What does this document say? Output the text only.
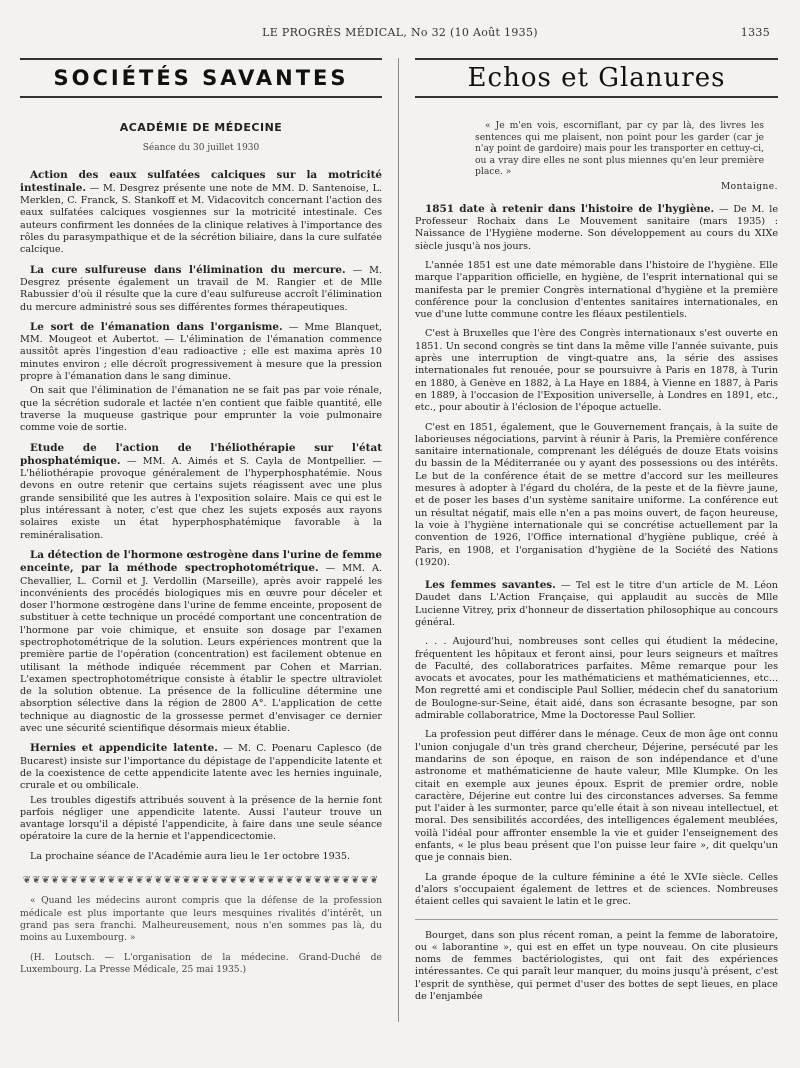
LE PROGRÈS MÉDICAL, No 32 (10 Août 1935)	1335
SOCIÉTÉS SAVANTES
ACADÉMIE DE MÉDECINE
Séance du 30 juillet 1930

Action des eaux sulfatées calciques sur la motricité intestinale. — M. Desgrez présente une note de MM. D. Santenoise, L. Merklen, C. Franck, S. Stankoff et M. Vidacovitch concernant l'action des eaux sulfatées calciques vosgiennes sur la motricité intestinale. Ces auteurs confirment les données de la clinique relatives à l'importance des rôles du parasympathique et de la sécrétion biliaire, dans la cure sulfatée calcique.

La cure sulfureuse dans l'élimination du mercure. — M. Desgrez présente également un travail de M. Rangier et de Mlle Rabussier d'où il résulte que la cure d'eau sulfureuse accroît l'élimination du mercure administré sous ses différentes formes thérapeutiques.

Le sort de l'émanation dans l'organisme. — Mme Blanquet, MM. Mougeot et Aubertot. — L'élimination de l'émanation commence aussitôt après l'ingestion d'eau radioactive ; elle est maxima après 10 minutes environ ; elle décroît progressivement à mesure que la pression propre à l'émanation dans le sang diminue.

On sait que l'élimination de l'émanation ne se fait pas par voie rénale, que la sécrétion sudorale et lactée n'en contient que faible quantité, elle traverse la muqueuse gastrique pour emprunter la voie pulmonaire comme voie de sortie.

Etude de l'action de l'héliothérapie sur l'état phosphatémique. — MM. A. Aimés et S. Cayla de Montpellier. — L'héliothérapie provoque généralement de l'hyperphosphatémie. Nous devons en outre retenir que certains sujets réagissent avec une plus grande sensibilité que les autres à l'exposition solaire. Mais ce qui est le plus intéressant à noter, c'est que chez les sujets exposés aux rayons solaires existe un état hyperphosphatémique favorable à la reminéralisation.

La détection de l'hormone œstrogène dans l'urine de femme enceinte, par la méthode spectrophotométrique. — MM. A. Chevallier, L. Cornil et J. Verdollin (Marseille), après avoir rappelé les inconvénients des procédés biologiques mis en œuvre pour déceler et doser l'hormone œstrogène dans l'urine de femme enceinte, proposent de substituer à cette technique un procédé comportant une concentration de l'hormone par voie chimique, et ensuite son dosage par l'examen spectrophotométrique de la solution. Leurs expériences montrent que la première partie de l'opération (concentration) est facilement obtenue en utilisant la méthode indiquée récemment par Cohen et Marrian. L'examen spectrophotométrique consiste à établir le spectre ultraviolet de la solution obtenue. La présence de la folliculine détermine une absorption sélective dans la région de 2800 A°. L'application de cette technique au diagnostic de la grossesse permet d'envisager ce dernier avec une sécurité scientifique désormais mieux établie.

Hernies et appendicite latente. — M. C. Poenaru Caplesco (de Bucarest) insiste sur l'importance du dépistage de l'appendicite latente et de la coexistence de cette appendicite latente avec les hernies inguinale, crurale et ou ombilicale.

Les troubles digestifs attribués souvent à la présence de la hernie font parfois négliger une appendicite latente. Aussi l'auteur trouve un avantage lorsqu'il a dépisté l'appendicite, à faire dans une seule séance opératoire la cure de la hernie et l'appendicectomie.

La prochaine séance de l'Académie aura lieu le 1er octobre 1935.

❦❦❦❦❦❦❦❦❦❦❦❦❦❦❦❦❦❦❦❦❦❦❦❦❦❦❦❦❦❦❦❦❦❦❦❦❦❦

« Quand les médecins auront compris que la défense de la profession médicale est plus importante que leurs mesquines rivalités d'intérêt, un grand pas sera franchi. Malheureusement, nous n'en sommes pas là, du moins au Luxembourg. »

(H. Loutsch. — L'organisation de la médecine. Grand-Duché de Luxembourg. La Presse Médicale, 25 mai 1935.)

Echos et Glanures

« Je m'en vois, escorniflant, par cy par là, des livres les sentences qui me plaisent, non point pour les garder (car je n'ay point de gardoire) mais pour les transporter en cettuy-ci, ou a vray dire elles ne sont plus miennes qu'en leur première place. »

Montaigne.

1851 date à retenir dans l'histoire de l'hygiène. — De M. le Professeur Rochaix dans Le Mouvement sanitaire (mars 1935) : Naissance de l'Hygiène moderne. Son développement au cours du XIXe siècle jusqu'à nos jours.

L'année 1851 est une date mémorable dans l'histoire de l'hygiène. Elle marque l'apparition officielle, en hygiène, de l'esprit international qui se manifesta par le premier Congrès international d'hygiène et la première conférence pour la conclusion d'ententes sanitaires internationales, en vue d'une lutte commune contre les fléaux pestilentiels.

C'est à Bruxelles que l'ère des Congrès internationaux s'est ouverte en 1851. Un second congrès se tint dans la même ville l'année suivante, puis après une interruption de vingt-quatre ans, la série des assises internationales fut renouée, pour se poursuivre à Paris en 1878, à Turin en 1880, à Genève en 1882, à La Haye en 1884, à Vienne en 1887, à Paris en 1889, à l'occasion de l'Exposition universelle, à Londres en 1891, etc., etc., pour aboutir à l'éclosion de l'époque actuelle.

C'est en 1851, également, que le Gouvernement français, à la suite de laborieuses négociations, parvint à réunir à Paris, la Première conférence sanitaire internationale, comprenant les délégués de douze Etats voisins du bassin de la Méditerranée ou y ayant des possessions ou des intérêts. Le but de la conférence était de se mettre d'accord sur les meilleures mesures à adopter à l'égard du choléra, de la peste et de la fièvre jaune, et de poser les bases d'un système sanitaire uniforme. La conférence eut un résultat négatif, mais elle n'en a pas moins ouvert, de façon heureuse, la voie à l'hygiène internationale qui se concrétise actuellement par la convention de 1926, l'Office international d'hygiène publique, créé à Paris, en 1908, et l'organisation d'hygiène de la Société des Nations (1920).

Les femmes savantes. — Tel est le titre d'un article de M. Léon Daudet dans L'Action Française, qui applaudit au succès de Mlle Lucienne Vitrey, prix d'honneur de dissertation philosophique au concours général.

. . . Aujourd'hui, nombreuses sont celles qui étudient la médecine, fréquentent les hôpitaux et feront ainsi, pour leurs seigneurs et maîtres de Faculté, des collaboratrices parfaites. Même remarque pour les avocats et avocates, pour les mathématiciens et mathématiciennes, etc... Mon regretté ami et condisciple Paul Sollier, médecin chef du sanatorium de Boulogne-sur-Seine, était aidé, dans son écrasante besogne, par son admirable collaboratrice, Mme la Doctoresse Paul Sollier.

La profession peut différer dans le ménage. Ceux de mon âge ont connu l'union conjugale d'un très grand chercheur, Déjerine, persécuté par les mandarins de son époque, en raison de son indépendance et d'une astronome et mathématicienne de haute valeur, Mlle Klumpke. On les citait en exemple aux jeunes époux. Esprit de premier ordre, noble caractère, Déjerine eut contre lui des circonstances adverses. Sa femme put l'aider à les surmonter, parce qu'elle était à son niveau intellectuel, et moral. Des sensibilités accordées, des intelligences également meublées, voilà l'idéal pour affronter ensemble la vie et guider l'enseignement des enfants, « le plus beau présent que l'on puisse leur faire », dit quelqu'un que je connais bien.

La grande époque de la culture féminine a été le XVIe siècle. Celles d'alors s'occupaient également de lettres et de sciences. Nombreuses étaient celles qui savaient le latin et le grec.

Bourget, dans son plus récent roman, a peint la femme de laboratoire, ou « laborantine », qui est en effet un type nouveau. On cite plusieurs noms de femmes bactériologistes, qui ont fait des expériences intéressantes. Ce qui paraît leur manquer, du moins jusqu'à présent, c'est l'esprit de synthèse, qui permet d'user des bottes de sept lieues, en place de l'enjambée
